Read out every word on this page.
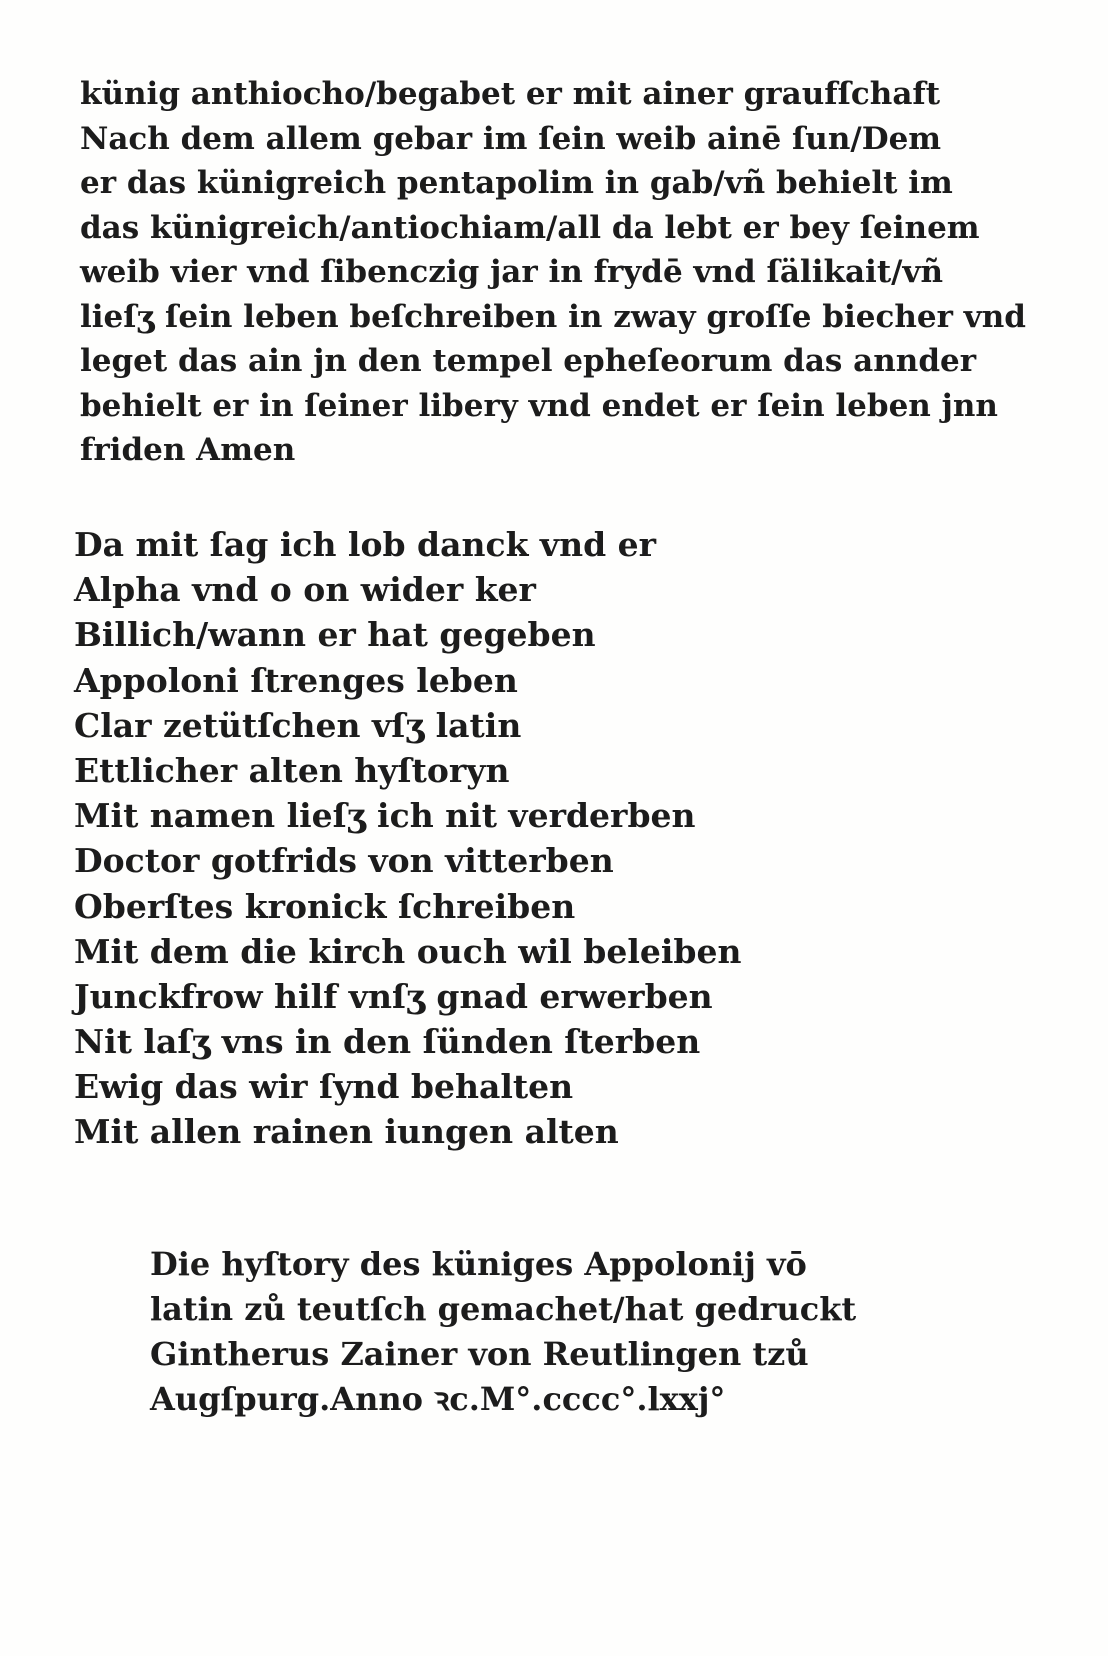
künig anthiocho/begabet er mit ainer graufſchaft
Nach dem allem gebar im ſein weib ainē ſun/Dem
er das künigreich pentapolim in gab/vñ behielt im
das künigreich/antiochiam/all da lebt er bey ſeinem
weib vier vnd ſibenczig jar in frydē vnd ſälikait/vñ
lieſʒ ſein leben beſchreiben in zway groſſe biecher vnd
leget das ain jn den tempel epheſeorum das annder
behielt er in ſeiner libery vnd endet er ſein leben jnn
friden Amen
Da mit ſag ich lob danck vnd er
Alpha vnd o on wider ker
Billich/wann er hat gegeben
Appoloni ſtrenges leben
Clar zetütſchen vſʒ latin
Ettlicher alten hyſtoryn
Mit namen lieſʒ ich nit verderben
Doctor gotfrids von vitterben
Oberſtes kronick ſchreiben
Mit dem die kirch ouch wil beleiben
Junckfrow hilf vnſʒ gnad erwerben
Nit laſʒ vns in den ſünden ſterben
Ewig das wir ſynd behalten
Mit allen rainen iungen alten
Die hyſtory des küniges Appolonij vō
latin zů teutſch gemachet/hat gedruckt
Gintherus Zainer von Reutlingen tzů
Augſpurg.Anno ꝛc.M°.cccc°.lxxj°
